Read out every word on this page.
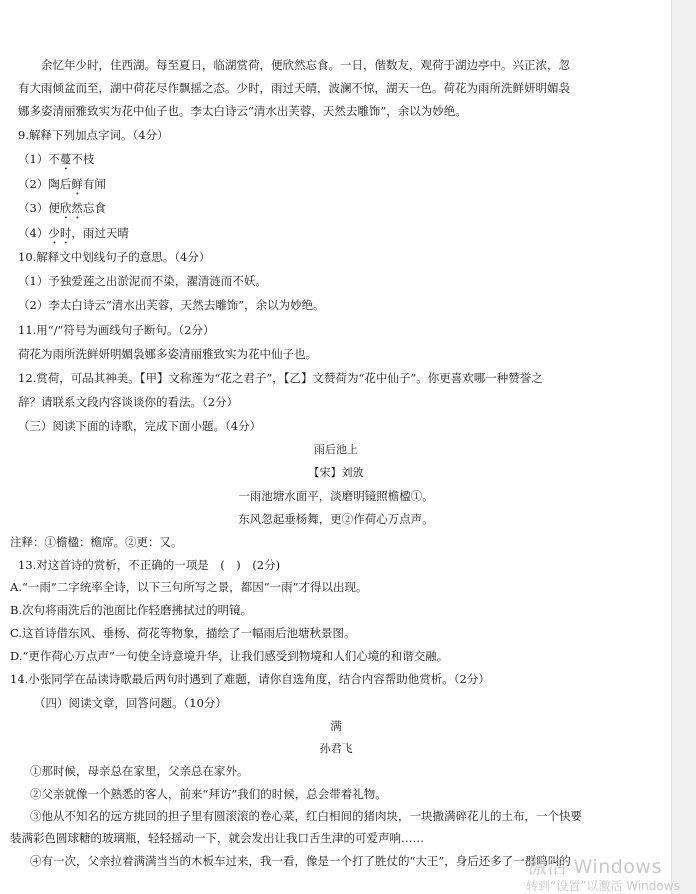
余忆年少时，住西湖。每至夏日，临湖赏荷，便欣然忘食。一日，偕数友，观荷于湖边亭中。兴正浓，忽
有大雨倾盆而至，湖中荷花尽作飘摇之态。少时，雨过天晴，波澜不惊，湖天一色。荷花为雨所洗鲜妍明媚袅
娜多姿清丽雅致实为花中仙子也。李太白诗云“清水出芙蓉，天然去雕饰”，余以为妙绝。
9.解释下列加点字词。（4分）
（1）不蔓不枝
（2）陶后鲜有闻
（3）便欣然忘食
（4）少时，雨过天晴
10.解释文中划线句子的意思。（4分）
（1）予独爱莲之出淤泥而不染，濯清涟而不妖。
（2）李太白诗云“清水出芙蓉，天然去雕饰”，余以为妙绝。
11.用“/”符号为画线句子断句。（2分）
荷花为雨所洗鲜妍明媚袅娜多姿清丽雅致实为花中仙子也。
12.赏荷，可品其神美。【甲】文称莲为“花之君子”，【乙】文赞荷为“花中仙子”。你更喜欢哪一种赞誉之
辞？请联系文段内容谈谈你的看法。（2分）
（三）阅读下面的诗歌，完成下面小题。（4分）
雨后池上
【宋】刘攽
一雨池塘水面平，淡磨明镜照檐楹①。
东风忽起垂杨舞，更②作荷心万点声。
注释：①檐楹：檐席。②更：又。
13.对这首诗的赏析，不正确的一项是　(　)　(2分)
A.“一雨”二字统率全诗，以下三句所写之景，都因“一雨”才得以出现。
B.次句将雨洗后的池面比作轻磨拂拭过的明镜。
C.这首诗借东风、垂杨、荷花等物象，描绘了一幅雨后池塘秋景图。
D.“更作荷心万点声”一句使全诗意境升华，让我们感受到物境和人们心境的和谐交融。
14.小张同学在品读诗歌最后两句时遇到了难题，请你自选角度，结合内容帮助他赏析。（2分）
（四）阅读文章，回答问题。（10分）
满
孙君飞
①那时候，母亲总在家里，父亲总在家外。
②父亲就像一个熟悉的客人，前来“拜访”我们的时候，总会带着礼物。
③他从不知名的远方挑回的担子里有圆滚滚的卷心菜，红白相间的猪肉块，一块撒满碎花儿的土布，一个快要
装满彩色圆球糖的玻璃瓶，轻轻摇动一下，就会发出让我口舌生津的可爱声响……
④有一次，父亲拉着满满当当的木板车过来，我一看，像是一个打了胜仗的“大王”，身后还多了一群鸣叫的
激活 Windows
转到“设置”以激活 Windows
